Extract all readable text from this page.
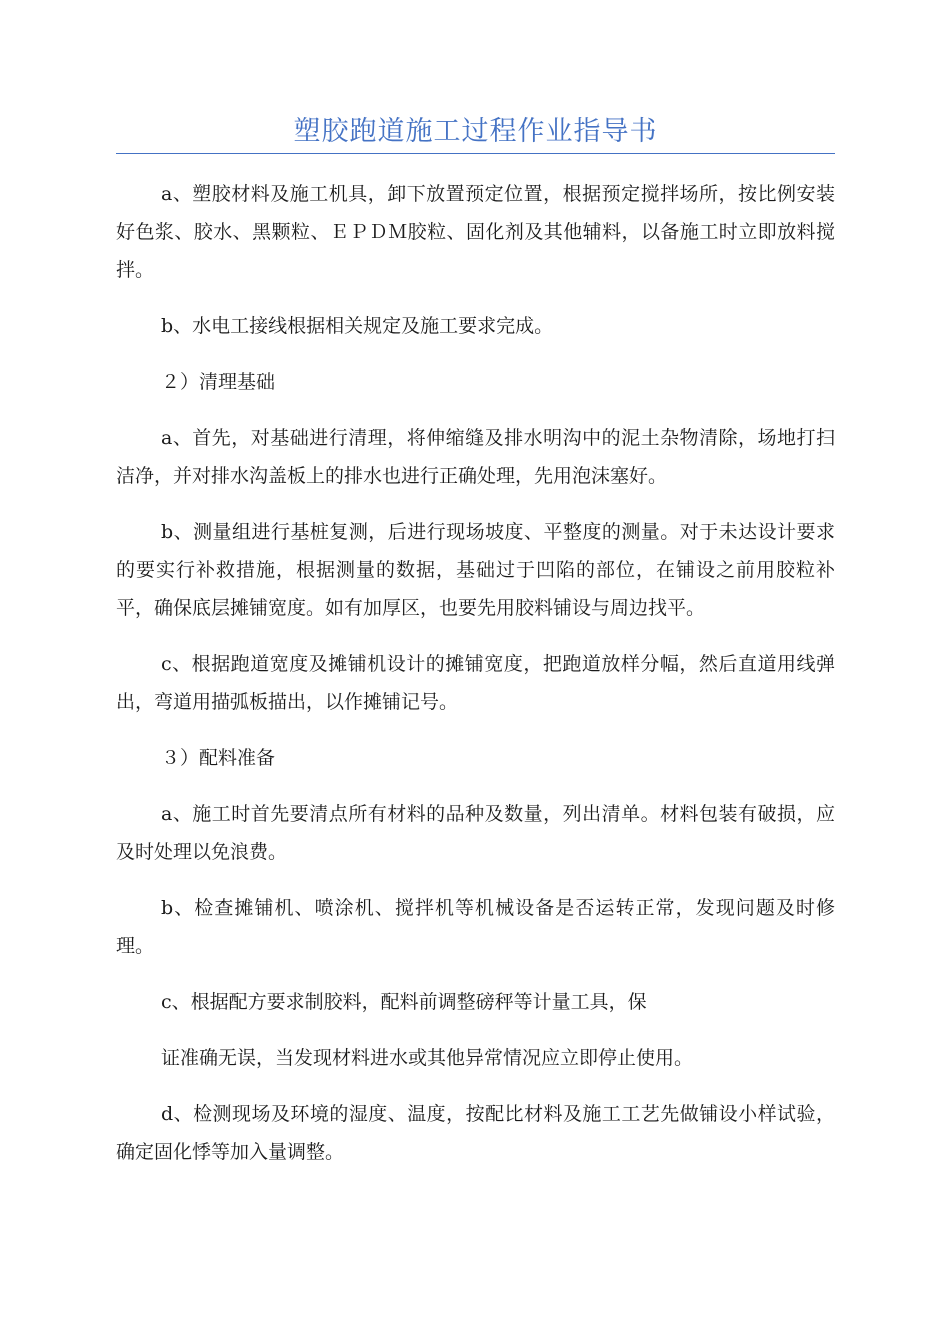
塑胶跑道施工过程作业指导书

a、塑胶材料及施工机具，卸下放置预定位置，根据预定搅拌场所，按比例安装好色浆、胶水、黑颗粒、ＥＰＤＭ胶粒、固化剂及其他辅料，以备施工时立即放料搅拌。

b、水电工接线根据相关规定及施工要求完成。

２）清理基础

a、首先，对基础进行清理，将伸缩缝及排水明沟中的泥土杂物清除，场地打扫洁净，并对排水沟盖板上的排水也进行正确处理，先用泡沫塞好。

b、测量组进行基桩复测，后进行现场坡度、平整度的测量。对于未达设计要求的要实行补救措施，根据测量的数据，基础过于凹陷的部位，在铺设之前用胶粒补平，确保底层摊铺宽度。如有加厚区，也要先用胶料铺设与周边找平。

c、根据跑道宽度及摊铺机设计的摊铺宽度，把跑道放样分幅，然后直道用线弹出，弯道用描弧板描出，以作摊铺记号。

３）配料准备

a、施工时首先要清点所有材料的品种及数量，列出清单。材料包装有破损，应及时处理以免浪费。

b、检查摊铺机、喷涂机、搅拌机等机械设备是否运转正常，发现问题及时修理。

c、根据配方要求制胶料，配料前调整磅秤等计量工具，保

证准确无误，当发现材料进水或其他异常情况应立即停止使用。

d、检测现场及环境的湿度、温度，按配比材料及施工工艺先做铺设小样试验，确定固化悸等加入量调整。
